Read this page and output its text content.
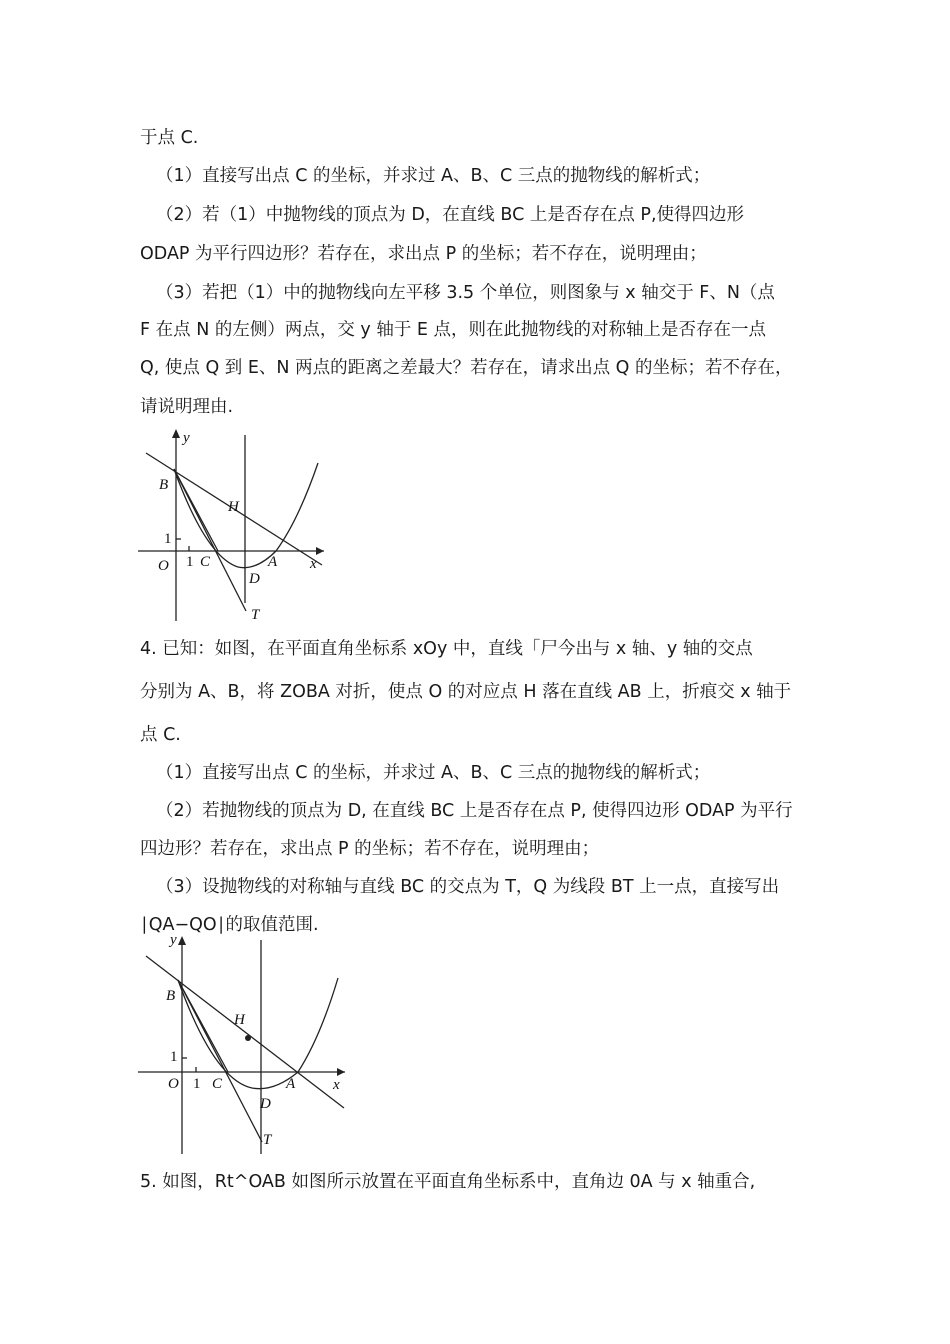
于点 C.
（1）直接写出点 C 的坐标，并求过 A、B、C 三点的抛物线的解析式；
（2）若（1）中抛物线的顶点为 D，在直线 BC 上是否存在点 P,使得四边形
ODAP 为平行四边形？若存在，求出点 P 的坐标；若不存在，说明理由；
（3）若把（1）中的抛物线向左平移 3.5 个单位，则图象与 x 轴交于 F、N（点
F 在点 N 的左侧）两点，交 y 轴于 E 点，则在此抛物线的对称轴上是否存在一点
Q, 使点 Q 到 E、N 两点的距离之差最大？若存在，请求出点 Q 的坐标；若不存在，
请说明理由.
y
x
O
1
1
B
H
C	A
D
T
4. 已知：如图，在平面直角坐标系 xOy 中，直线「尸今出与 x 轴、y 轴的交点
分别为 A、B，将 ZOBA 对折，使点 O 的对应点 H 落在直线 AB 上，折痕交 x 轴于
点 C.
（1）直接写出点 C 的坐标，并求过 A、B、C 三点的抛物线的解析式；
（2）若抛物线的顶点为 D, 在直线 BC 上是否存在点 P, 使得四边形 ODAP 为平行
四边形？若存在，求出点 P 的坐标；若不存在，说明理由；
（3）设抛物线的对称轴与直线 BC 的交点为 T，Q 为线段 BT 上一点，直接写出
∣QA−QO∣的取值范围.
y
x
O
1
1
B
H
C	A
D
T
5. 如图，Rt^OAB 如图所示放置在平面直角坐标系中，直角边 0A 与 x 轴重合,
